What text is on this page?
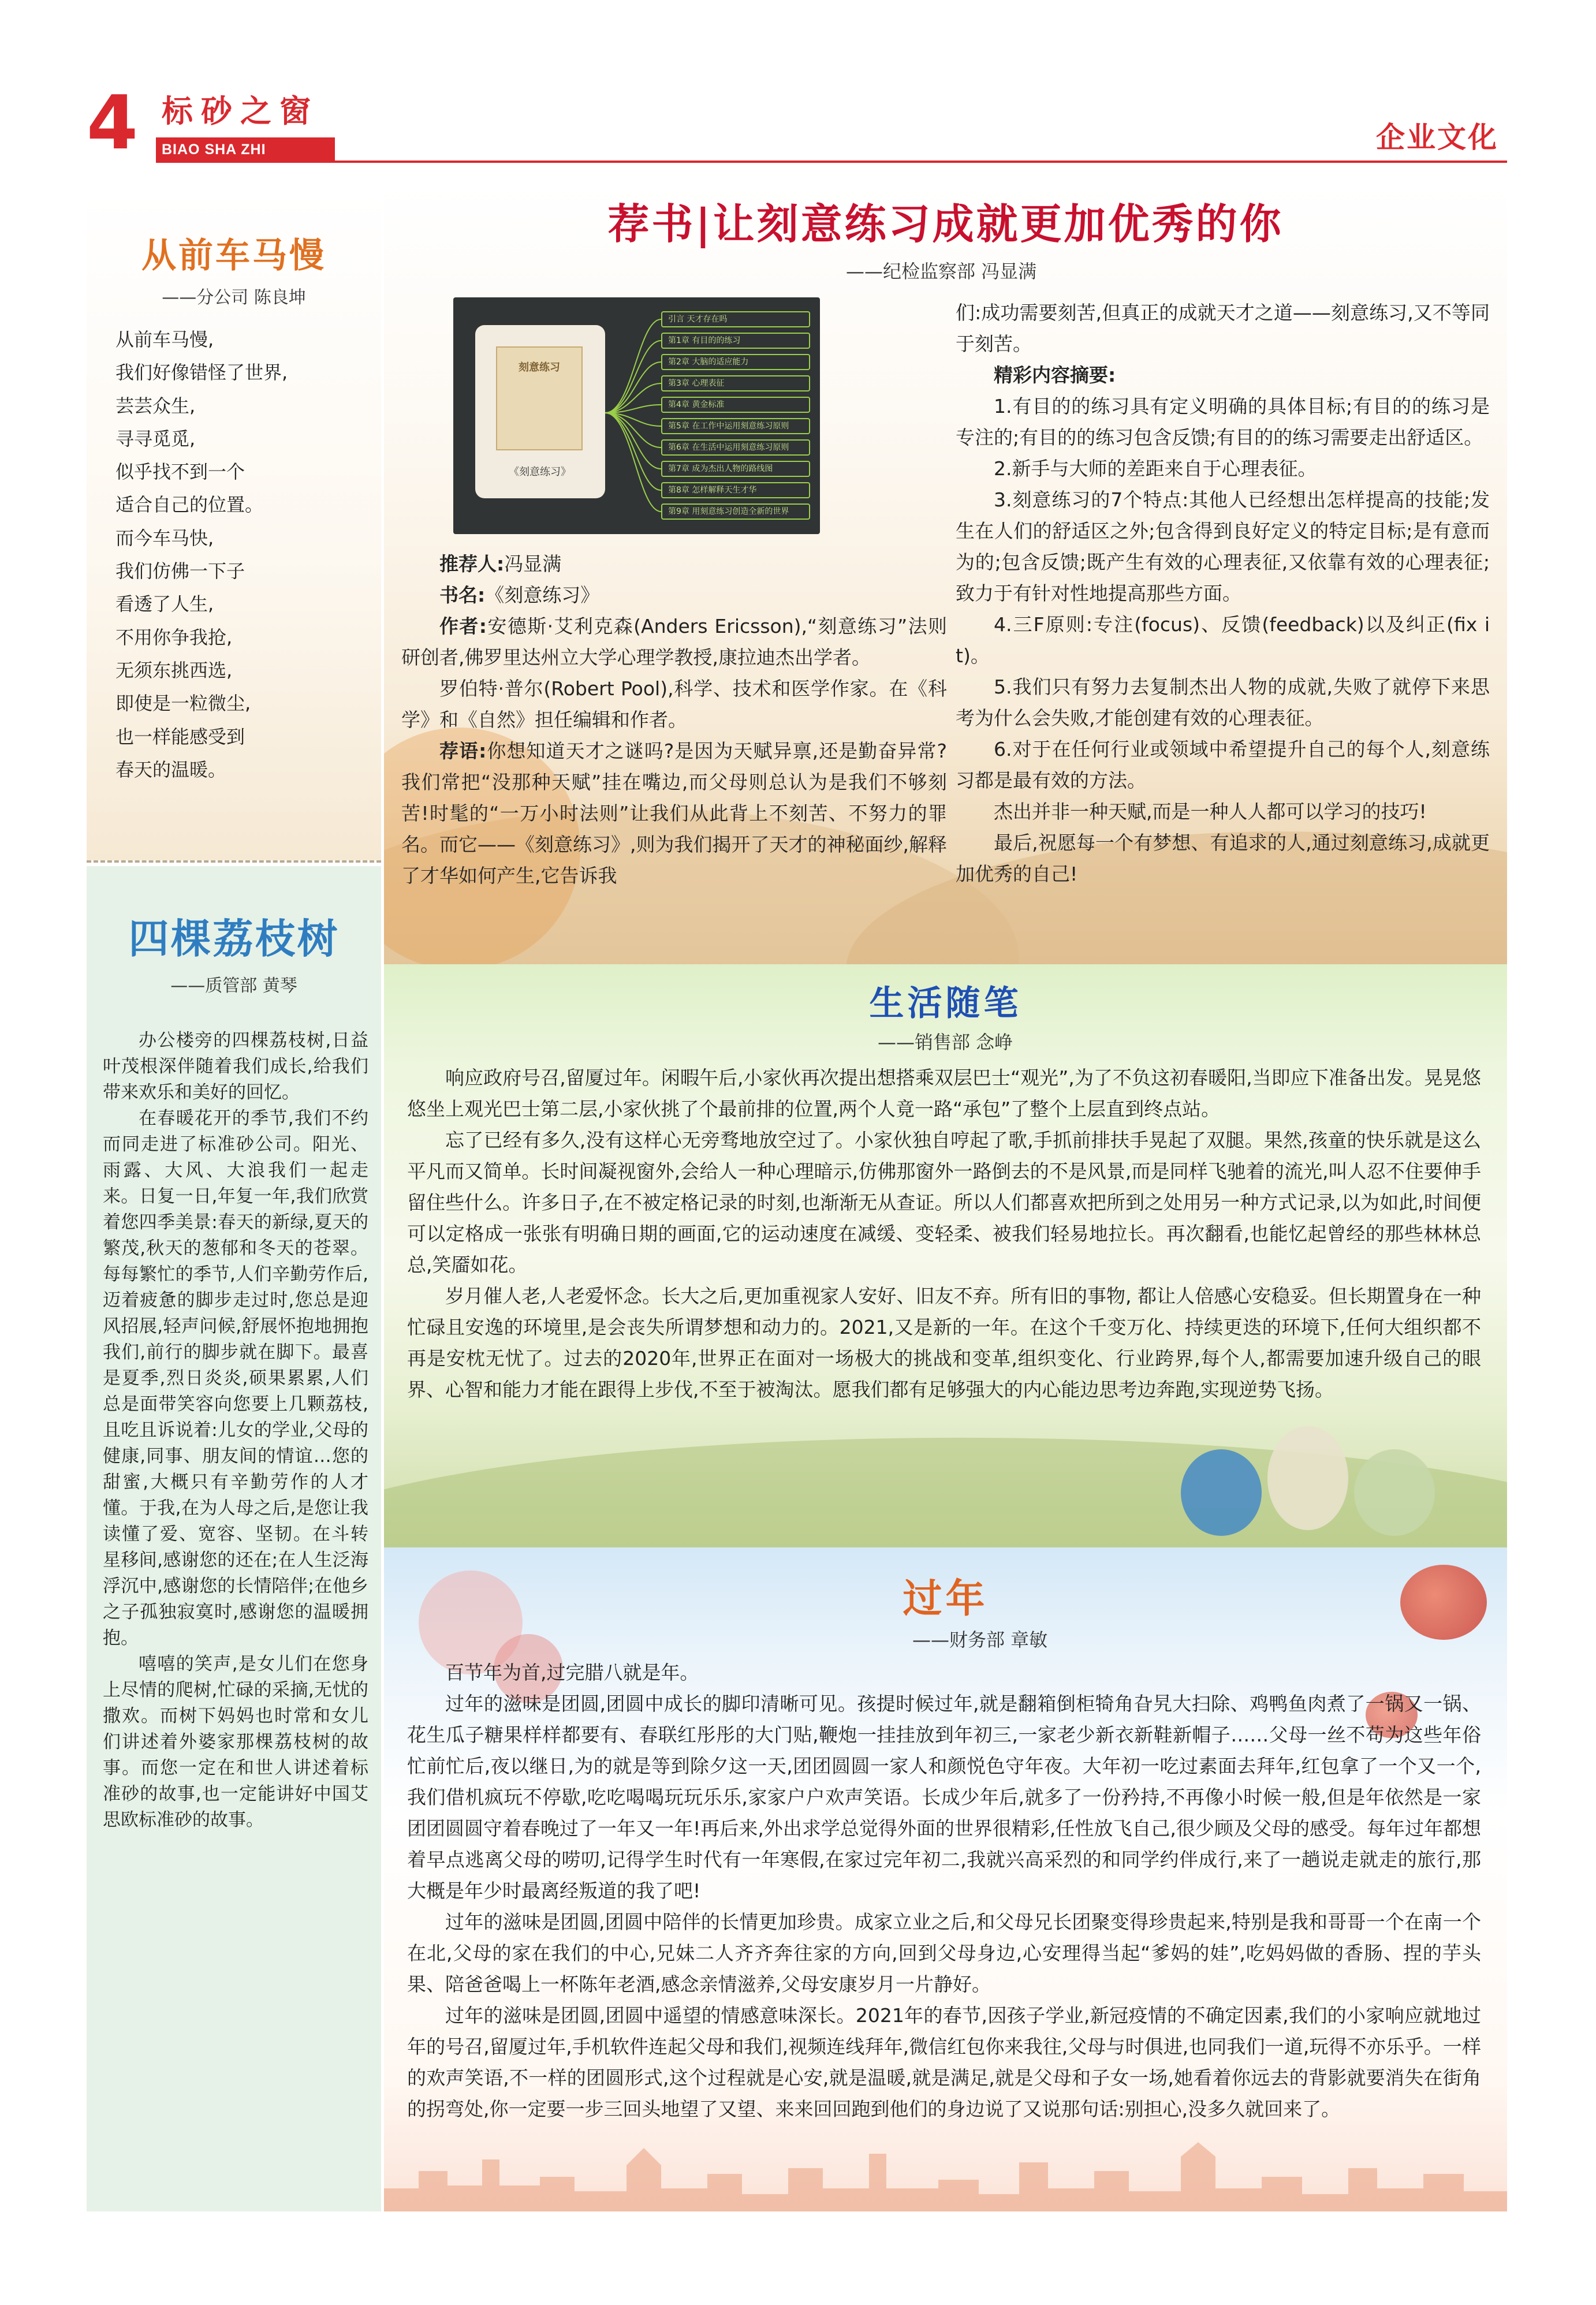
4 标砂之窗
BIAO SHA ZHI CHUANG
企业文化
从前车马慢
——分公司 陈良坤
从前车马慢,
我们好像错怪了世界,
芸芸众生,
寻寻觅觅,
似乎找不到一个
适合自己的位置。
而今车马快,
我们仿佛一下子
看透了人生,
不用你争我抢,
无须东挑西选,
即使是一粒微尘,
也一样能感受到
春天的温暖。
四棵荔枝树
——质管部 黄琴

办公楼旁的四棵荔枝树,日益叶茂根深伴随着我们成长,给我们带来欢乐和美好的回忆。

在春暖花开的季节,我们不约而同走进了标准砂公司。阳光、雨露、大风、大浪我们一起走来。日复一日,年复一年,我们欣赏着您四季美景:春天的新绿,夏天的繁茂,秋天的葱郁和冬天的苍翠。每每繁忙的季节,人们辛勤劳作后,迈着疲惫的脚步走过时,您总是迎风招展,轻声问候,舒展怀抱地拥抱我们,前行的脚步就在脚下。最喜是夏季,烈日炎炎,硕果累累,人们总是面带笑容向您要上几颗荔枝,且吃且诉说着:儿女的学业,父母的健康,同事、朋友间的情谊…您的甜蜜,大概只有辛勤劳作的人才懂。于我,在为人母之后,是您让我读懂了爱、宽容、坚韧。在斗转星移间,感谢您的还在;在人生泛海浮沉中,感谢您的长情陪伴;在他乡之子孤独寂寞时,感谢您的温暖拥抱。

嘻嘻的笑声,是女儿们在您身上尽情的爬树,忙碌的采摘,无忧的撒欢。而树下妈妈也时常和女儿们讲述着外婆家那棵荔枝树的故事。而您一定在和世人讲述着标准砂的故事,也一定能讲好中国艾思欧标准砂的故事。

荐书|让刻意练习成就更加优秀的你
——纪检监察部 冯显满
刻意练习
《刻意练习》
引言 天才存在吗
第1章 有目的的练习
第2章 大脑的适应能力
第3章 心理表征
第4章 黄金标准
第5章 在工作中运用刻意练习原则
第6章 在生活中运用刻意练习原则
第7章 成为杰出人物的路线图
第8章 怎样解释天生才华
第9章 用刻意练习创造全新的世界

推荐人:冯显满

书名:《刻意练习》

作者:安德斯·艾利克森(Anders Ericsson),“刻意练习”法则研创者,佛罗里达州立大学心理学教授,康拉迪杰出学者。

罗伯特·普尔(Robert Pool),科学、技术和医学作家。在《科学》和《自然》担任编辑和作者。

荐语:你想知道天才之谜吗?是因为天赋异禀,还是勤奋异常?我们常把“没那种天赋”挂在嘴边,而父母则总认为是我们不够刻苦!时髦的“一万小时法则”让我们从此背上不刻苦、不努力的罪名。而它——《刻意练习》,则为我们揭开了天才的神秘面纱,解释了才华如何产生,它告诉我

们:成功需要刻苦,但真正的成就天才之道——刻意练习,又不等同于刻苦。

精彩内容摘要:

1.有目的的练习具有定义明确的具体目标;有目的的练习是专注的;有目的的练习包含反馈;有目的的练习需要走出舒适区。

2.新手与大师的差距来自于心理表征。

3.刻意练习的7个特点:其他人已经想出怎样提高的技能;发生在人们的舒适区之外;包含得到良好定义的特定目标;是有意而为的;包含反馈;既产生有效的心理表征,又依靠有效的心理表征;致力于有针对性地提高那些方面。

4.三F原则:专注(focus)、反馈(feedback)以及纠正(fix it)。

5.我们只有努力去复制杰出人物的成就,失败了就停下来思考为什么会失败,才能创建有效的心理表征。

6.对于在任何行业或领域中希望提升自己的每个人,刻意练习都是最有效的方法。

杰出并非一种天赋,而是一种人人都可以学习的技巧!

最后,祝愿每一个有梦想、有追求的人,通过刻意练习,成就更加优秀的自己!

生活随笔
——销售部 念峥

响应政府号召,留厦过年。闲暇午后,小家伙再次提出想搭乘双层巴士“观光”,为了不负这初春暖阳,当即应下准备出发。晃晃悠悠坐上观光巴士第二层,小家伙挑了个最前排的位置,两个人竟一路“承包”了整个上层直到终点站。

忘了已经有多久,没有这样心无旁骛地放空过了。小家伙独自哼起了歌,手抓前排扶手晃起了双腿。果然,孩童的快乐就是这么平凡而又简单。长时间凝视窗外,会给人一种心理暗示,仿佛那窗外一路倒去的不是风景,而是同样飞驰着的流光,叫人忍不住要伸手留住些什么。许多日子,在不被定格记录的时刻,也渐渐无从查证。所以人们都喜欢把所到之处用另一种方式记录,以为如此,时间便可以定格成一张张有明确日期的画面,它的运动速度在减缓、变轻柔、被我们轻易地拉长。再次翻看,也能忆起曾经的那些林林总总,笑靥如花。

岁月催人老,人老爱怀念。长大之后,更加重视家人安好、旧友不弃。所有旧的事物, 都让人倍感心安稳妥。但长期置身在一种忙碌且安逸的环境里,是会丧失所谓梦想和动力的。2021,又是新的一年。在这个千变万化、持续更迭的环境下,任何大组织都不再是安枕无忧了。过去的2020年,世界正在面对一场极大的挑战和变革,组织变化、行业跨界,每个人,都需要加速升级自己的眼界、心智和能力才能在跟得上步伐,不至于被淘汰。愿我们都有足够强大的内心能边思考边奔跑,实现逆势飞扬。

过年
——财务部 章敏

百节年为首,过完腊八就是年。

过年的滋味是团圆,团圆中成长的脚印清晰可见。孩提时候过年,就是翻箱倒柜犄角旮旯大扫除、鸡鸭鱼肉煮了一锅又一锅、花生瓜子糖果样样都要有、春联红彤彤的大门贴,鞭炮一挂挂放到年初三,一家老少新衣新鞋新帽子……父母一丝不苟为这些年俗忙前忙后,夜以继日,为的就是等到除夕这一天,团团圆圆一家人和颜悦色守年夜。大年初一吃过素面去拜年,红包拿了一个又一个,我们借机疯玩不停歇,吃吃喝喝玩玩乐乐,家家户户欢声笑语。长成少年后,就多了一份矜持,不再像小时候一般,但是年依然是一家团团圆圆守着春晚过了一年又一年!再后来,外出求学总觉得外面的世界很精彩,任性放飞自己,很少顾及父母的感受。每年过年都想着早点逃离父母的唠叨,记得学生时代有一年寒假,在家过完年初二,我就兴高采烈的和同学约伴成行,来了一趟说走就走的旅行,那大概是年少时最离经叛道的我了吧!

过年的滋味是团圆,团圆中陪伴的长情更加珍贵。成家立业之后,和父母兄长团聚变得珍贵起来,特别是我和哥哥一个在南一个在北,父母的家在我们的中心,兄妹二人齐齐奔往家的方向,回到父母身边,心安理得当起“爹妈的娃”,吃妈妈做的香肠、捏的芋头果、陪爸爸喝上一杯陈年老酒,感念亲情滋养,父母安康岁月一片静好。

过年的滋味是团圆,团圆中遥望的情感意味深长。2021年的春节,因孩子学业,新冠疫情的不确定因素,我们的小家响应就地过年的号召,留厦过年,手机软件连起父母和我们,视频连线拜年,微信红包你来我往,父母与时俱进,也同我们一道,玩得不亦乐乎。一样的欢声笑语,不一样的团圆形式,这个过程就是心安,就是温暖,就是满足,就是父母和子女一场,她看着你远去的背影就要消失在街角的拐弯处,你一定要一步三回头地望了又望、来来回回跑到他们的身边说了又说那句话:别担心,没多久就回来了。
